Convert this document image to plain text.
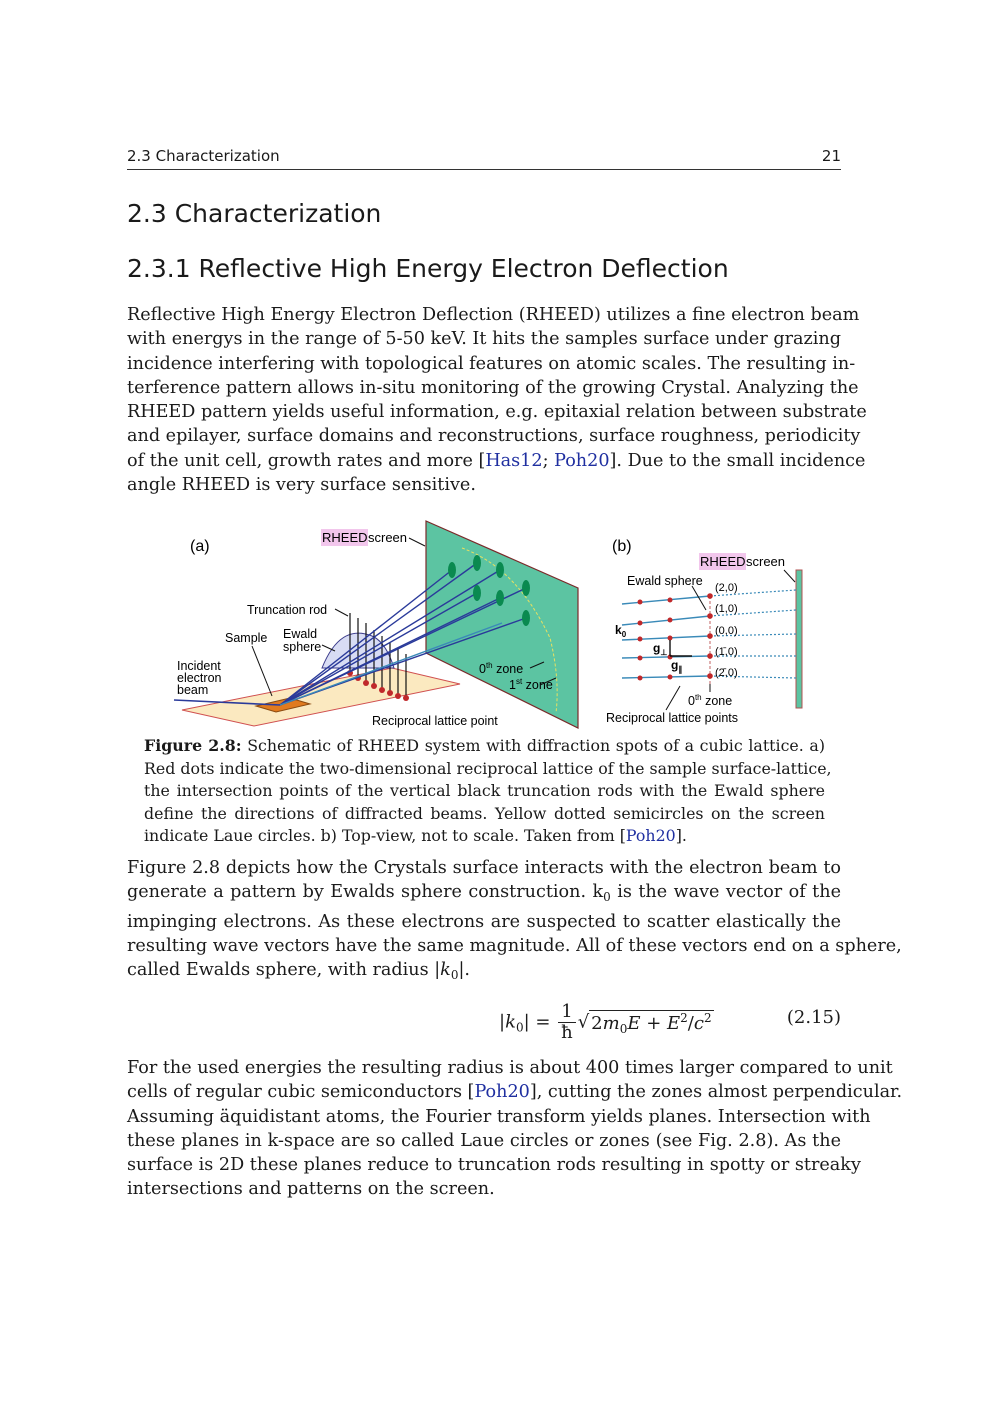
2.3 Characterization	21
2.3 Characterization
2.3.1 Reflective High Energy Electron Deflection

Reflective High Energy Electron Deflection (RHEED) utilizes a fine electron beam
with energys in the range of 5-50 keV. It hits the samples surface under grazing
incidence interfering with topological features on atomic scales. The resulting in-
terference pattern allows in-situ monitoring of the growing Crystal. Analyzing the
RHEED pattern yields useful information, e.g. epitaxial relation between substrate
and epilayer, surface domains and reconstructions, surface roughness, periodicity
of the unit cell, growth rates and more [Has12; Poh20]. Due to the small incidence
angle RHEED is very surface sensitive.

(a)
RHEED screen
Truncation rod
Sample Ewald
sphere
Incident
electron
beam
0th zone
1st zone
Reciprocal lattice point
(b)
RHEED screen
Ewald sphere
$k_0$
$g_\perp$
$g_\parallel$
(2,0)
(1,0)
(0,0)
(1̄,0)
(2̄,0)
0th zone
Reciprocal lattice points

Figure 2.8: Schematic of RHEED system with diffraction spots of a cubic lattice. a)
Red dots indicate the two-dimensional reciprocal lattice of the sample surface-lattice,
the intersection points of the vertical black truncation rods with the Ewald sphere
define the directions of diffracted beams. Yellow dotted semicircles on the screen
indicate Laue circles. b) Top-view, not to scale. Taken from [Poh20].

Figure 2.8 depicts how the Crystals surface interacts with the electron beam to
generate a pattern by Ewalds sphere construction. $k_0$ is the wave vector of the
impinging electrons. As these electrons are suspected to scatter elastically the
resulting wave vectors have the same magnitude. All of these vectors end on a sphere,
called Ewalds sphere, with radius $|k_0|$.

$|k_0| = \frac{1}{ħ}$ √ $2m_0E + E^2/c^2$	(2.15)

For the used energies the resulting radius is about 400 times larger compared to unit
cells of regular cubic semiconductors [Poh20], cutting the zones almost perpendicular.
Assuming äquidistant atoms, the Fourier transform yields planes. Intersection with
these planes in k-space are so called Laue circles or zones (see Fig. 2.8). As the
surface is 2D these planes reduce to truncation rods resulting in spotty or streaky
intersections and patterns on the screen.
